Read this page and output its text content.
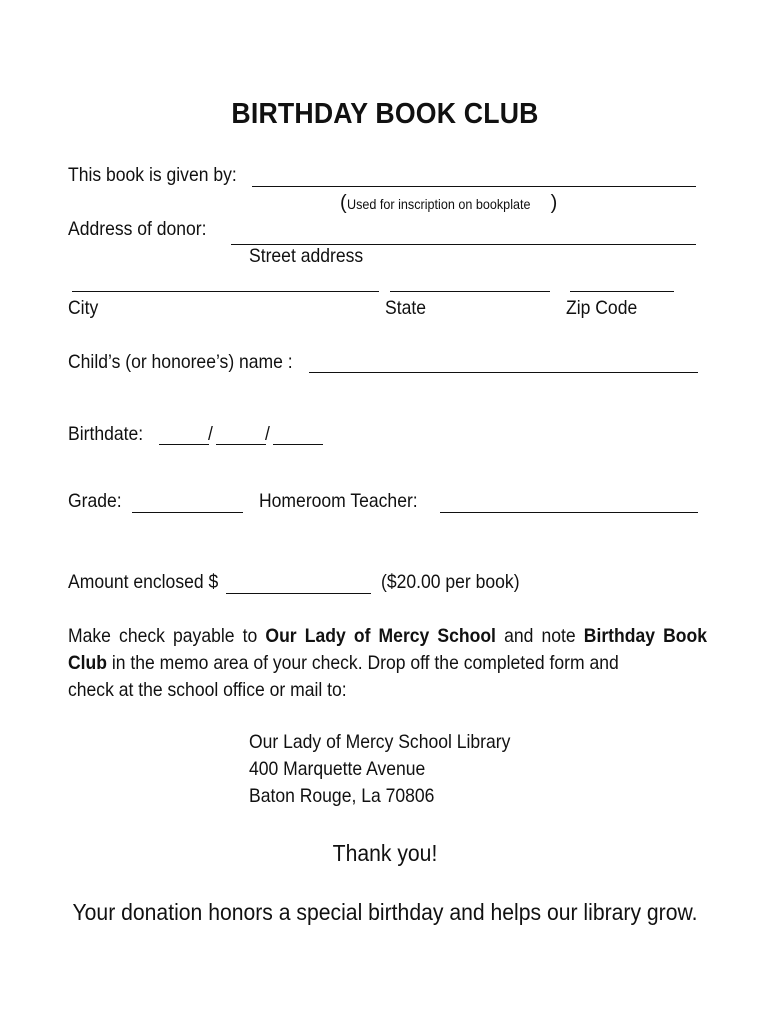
BIRTHDAY BOOK CLUB
This book is given by:
(Used for inscription on bookplate )
Address of donor:
Street address
City	State	Zip Code
Child’s (or honoree’s) name :
Birthdate:	/	/
Grade:	Homeroom Teacher:
Amount enclosed $	($20.00 per book)
Make check payable to Our Lady of Mercy School and note Birthday Book Club in the memo area of your check. Drop off the completed form and
check at the school office or mail to:
Our Lady of Mercy School Library
400 Marquette Avenue
Baton Rouge, La 70806
Thank you!
Your donation honors a special birthday and helps our library grow.
